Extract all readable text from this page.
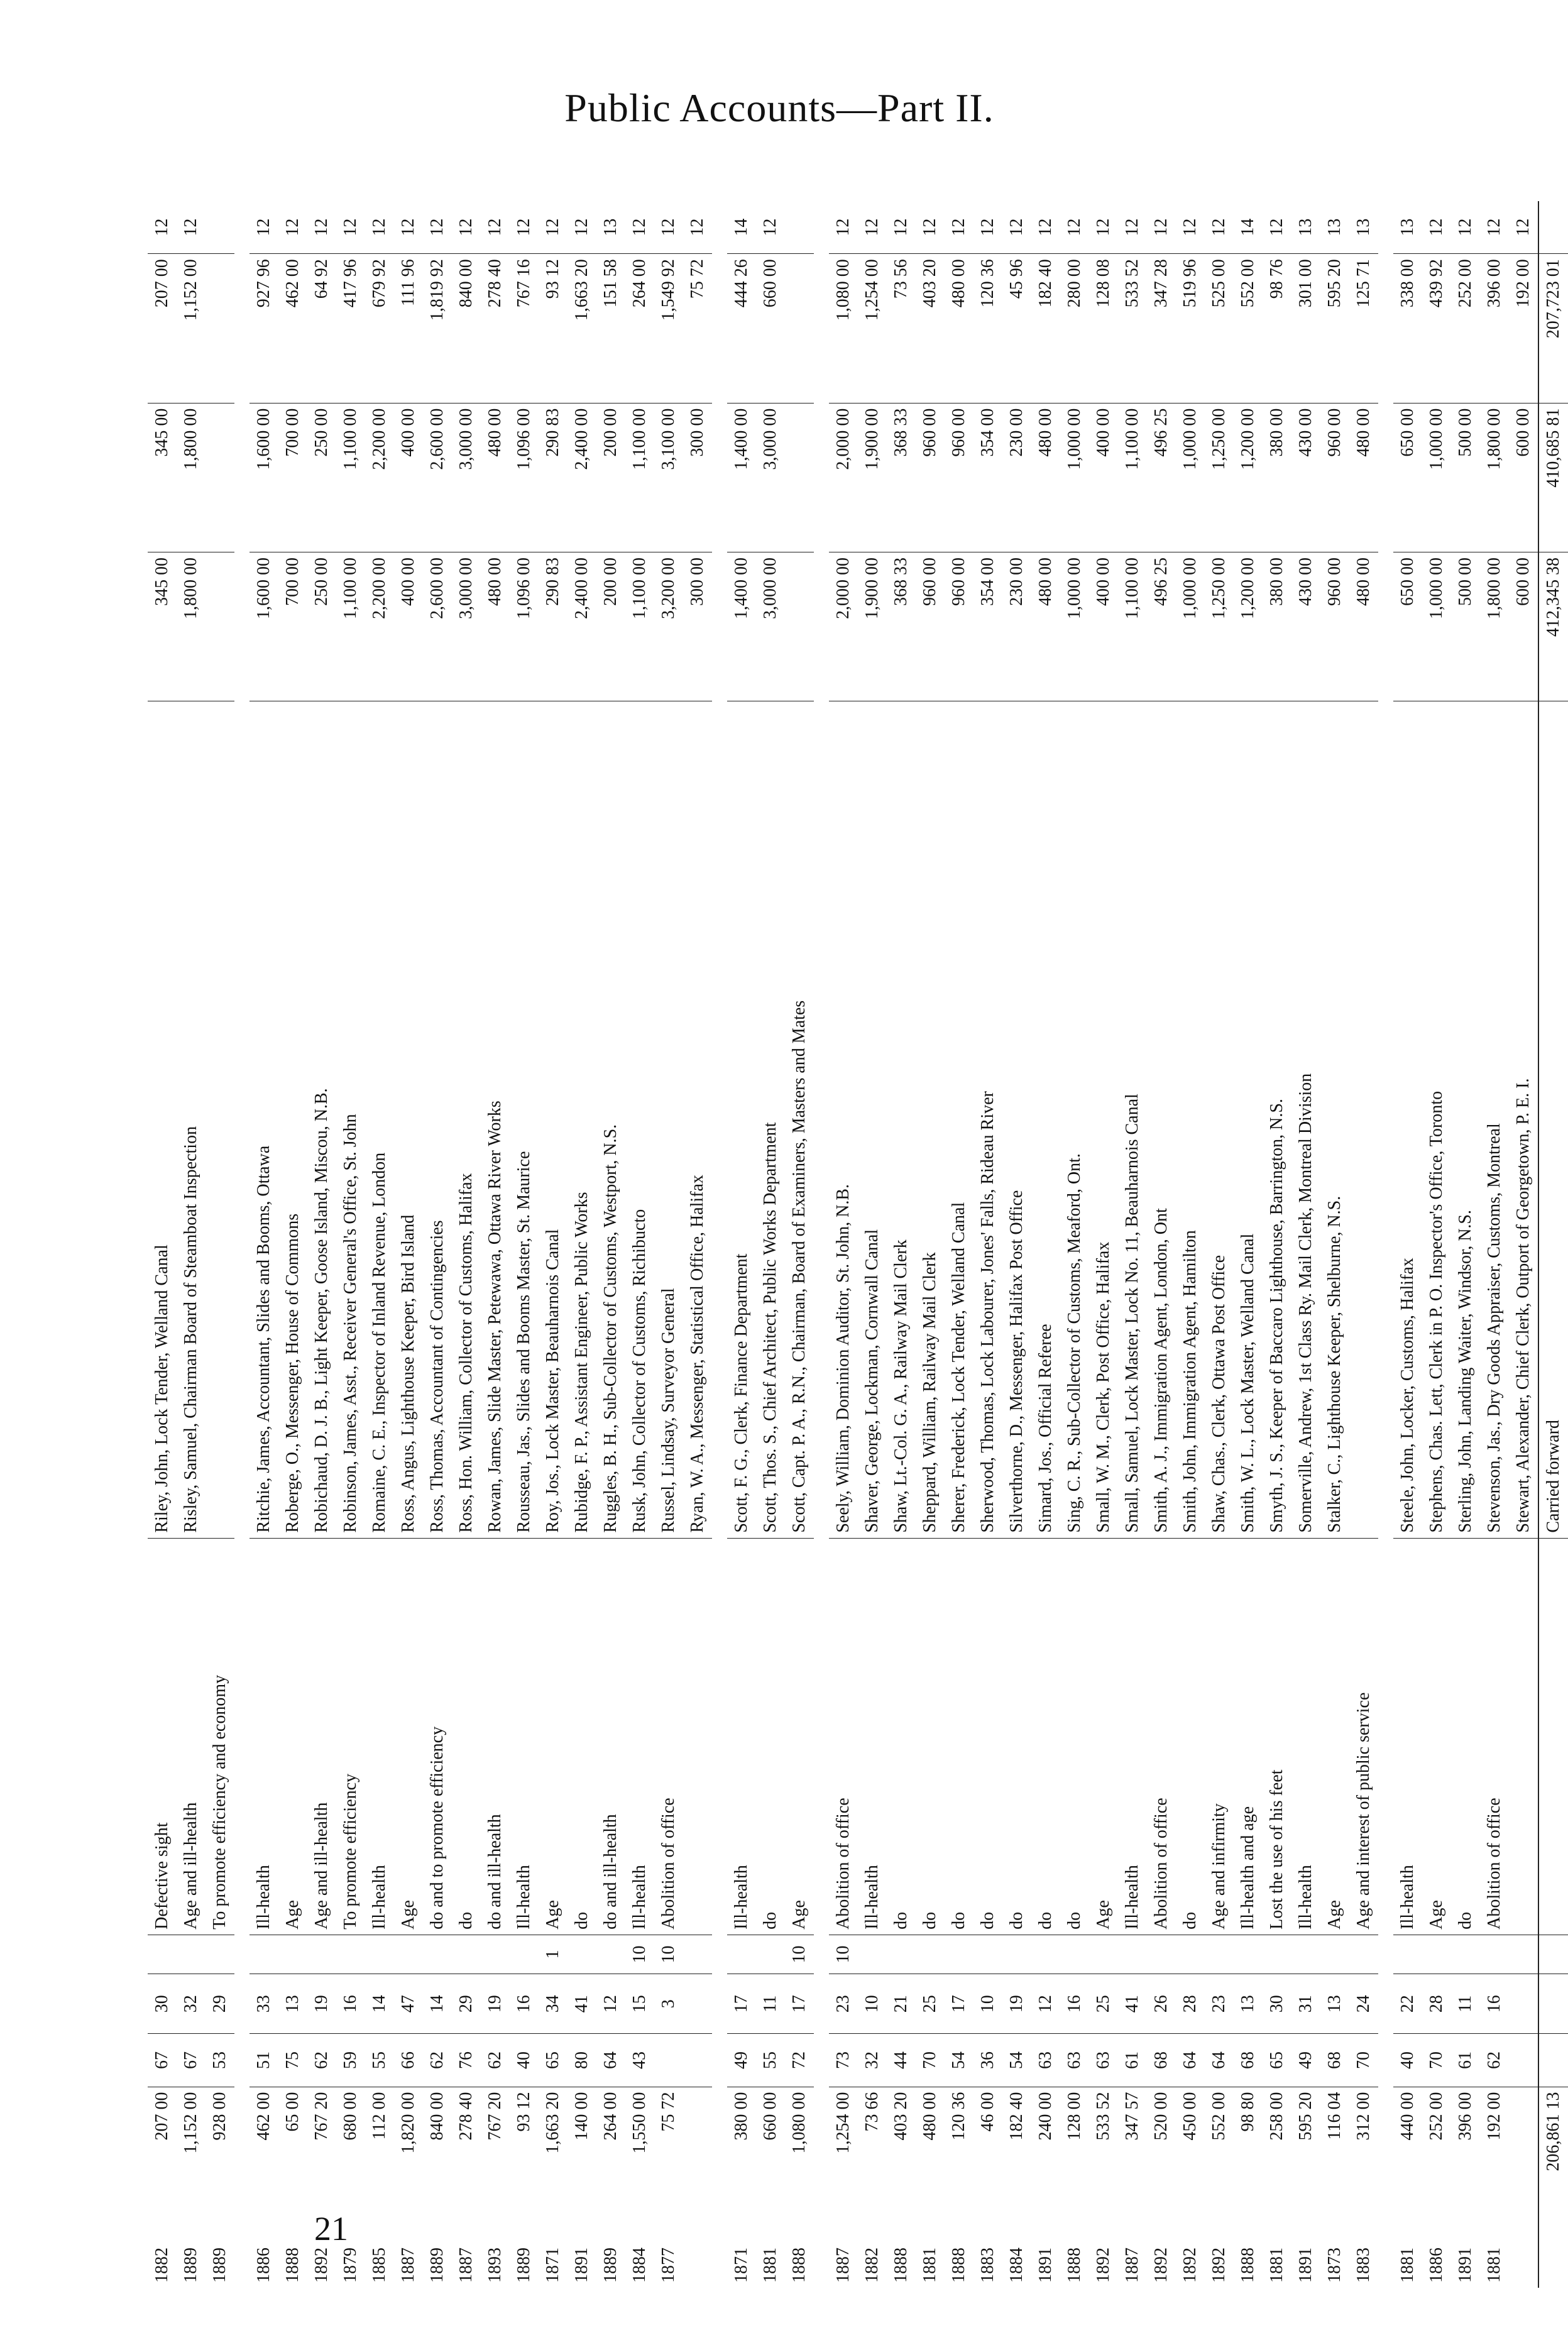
Public Accounts—Part II.
1882	207 00	67	30		Defective sight	Riley, John, Lock Tender, Welland Canal	345 00	345 00	207 00	12
1889	1,152 00	67	32		Age and ill-health	Risley, Samuel, Chairman Board of Steamboat Inspection	1,800 00	1,800 00	1,152 00	12
1889	928 00	53	29		To promote efficiency and economy					

1886	462 00	51	33		Ill-health	Ritchie, James, Accountant, Slides and Booms, Ottawa	1,600 00	1,600 00	927 96	12
1888	65 00	75	13		Age	Roberge, O., Messenger, House of Commons	700 00	700 00	462 00	12
1892	767 20	62	19		Age and ill-health	Robichaud, D. J. B., Light Keeper, Goose Island, Miscou, N.B.	250 00	250 00	64 92	12
1879	680 00	59	16		To promote efficiency	Robinson, James, Asst., Receiver General's Office, St. John	1,100 00	1,100 00	417 96	12
1885	112 00	55	14		Ill-health	Romaine, C. E., Inspector of Inland Revenue, London	2,200 00	2,200 00	679 92	12
1887	1,820 00	66	47		Age	Ross, Angus, Lighthouse Keeper, Bird Island	400 00	400 00	111 96	12
1889	840 00	62	14		do and to promote efficiency	Ross, Thomas, Accountant of Contingencies	2,600 00	2,600 00	1,819 92	12
1887	278 40	76	29		do	Ross, Hon. William, Collector of Customs, Halifax	3,000 00	3,000 00	840 00	12
1893	767 20	62	19		do and ill-health	Rowan, James, Slide Master, Petewawa, Ottawa River Works	480 00	480 00	278 40	12
1889	93 12	40	16		Ill-health	Rousseau, Jas., Slides and Booms Master, St. Maurice	1,096 00	1,096 00	767 16	12
1871	1,663 20	65	34	1	Age	Roy, Jos., Lock Master, Beauharnois Canal	290 83	290 83	93 12	12
1891	140 00	80	41		do	Rubidge, F. P., Assistant Engineer, Public Works	2,400 00	2,400 00	1,663 20	12
1889	264 00	64	12		do and ill-health	Ruggles, B. H., Sub-Collector of Customs, Westport, N.S.	200 00	200 00	151 58	13
1884	1,550 00	43	15	10	Ill-health	Rusk, John, Collector of Customs, Richibucto	1,100 00	1,100 00	264 00	12
1877	75 72		3	10	Abolition of office	Russel, Lindsay, Surveyor General	3,200 00	3,100 00	1,549 92	12
						Ryan, W. A., Messenger, Statistical Office, Halifax	300 00	300 00	75 72	12

1871	380 00	49	17		Ill-health	Scott, F. G., Clerk, Finance Department	1,400 00	1,400 00	444 26	14
1881	660 00	55	11		do	Scott, Thos. S., Chief Architect, Public Works Department	3,000 00	3,000 00	660 00	12
1888	1,080 00	72	17	10	Age	Scott, Capt. P. A., R.N., Chairman, Board of Examiners, Masters and Mates				

1887	1,254 00	73	23	10	Abolition of office	Seely, William, Dominion Auditor, St. John, N.B.	2,000 00	2,000 00	1,080 00	12
1882	73 66	32	10		Ill-health	Shaver, George, Lockman, Cornwall Canal	1,900 00	1,900 00	1,254 00	12
1888	403 20	44	21		do	Shaw, Lt.-Col. G. A., Railway Mail Clerk	368 33	368 33	73 56	12
1881	480 00	70	25		do	Sheppard, William, Railway Mail Clerk	960 00	960 00	403 20	12
1888	120 36	54	17		do	Sherer, Frederick, Lock Tender, Welland Canal	960 00	960 00	480 00	12
1883	46 00	36	10		do	Sherwood, Thomas, Lock Labourer, Jones' Falls, Rideau River	354 00	354 00	120 36	12
1884	182 40	54	19		do	Silverthorne, D., Messenger, Halifax Post Office	230 00	230 00	45 96	12
1891	240 00	63	12		do	Simard, Jos., Official Referee	480 00	480 00	182 40	12
1888	128 00	63	16		do	Sing, C. R., Sub-Collector of Customs, Meaford, Ont.	1,000 00	1,000 00	280 00	12
1892	533 52	63	25		Age	Small, W. M., Clerk, Post Office, Halifax	400 00	400 00	128 08	12
1887	347 57	61	41		Ill-health	Small, Samuel, Lock Master, Lock No. 11, Beauharnois Canal	1,100 00	1,100 00	533 52	12
1892	520 00	68	26		Abolition of office	Smith, A. J., Immigration Agent, London, Ont	496 25	496 25	347 28	12
1892	450 00	64	28		do	Smith, John, Immigration Agent, Hamilton	1,000 00	1,000 00	519 96	12
1892	552 00	64	23		Age and infirmity	Shaw, Chas., Clerk, Ottawa Post Office	1,250 00	1,250 00	525 00	12
1888	98 80	68	13		Ill-health and age	Smith, W. L., Lock Master, Welland Canal	1,200 00	1,200 00	552 00	14
1881	258 00	65	30		Lost the use of his feet	Smyth, J. S., Keeper of Baccaro Lighthouse, Barrington, N.S.	380 00	380 00	98 76	12
1891	595 20	49	31		Ill-health	Somerville, Andrew, 1st Class Ry. Mail Clerk, Montreal Division	430 00	430 00	301 00	13
1873	116 04	68	13		Age	Stalker, C., Lighthouse Keeper, Shelburne, N.S.	960 00	960 00	595 20	13
1883	312 00	70	24		Age and interest of public service		480 00	480 00	125 71	13

1881	440 00	40	22		Ill-health	Steele, John, Locker, Customs, Halifax	650 00	650 00	338 00	13
1886	252 00	70	28		Age	Stephens, Chas. Lett, Clerk in P. O. Inspector's Office, Toronto	1,000 00	1,000 00	439 92	12
1891	396 00	61	11		do	Sterling, John, Landing Waiter, Windsor, N.S.	500 00	500 00	252 00	12
1881	192 00	62	16		Abolition of office	Stevenson, Jas., Dry Goods Appraiser, Customs, Montreal	1,800 00	1,800 00	396 00	12
						Stewart, Alexander, Chief Clerk, Outport of Georgetown, P. E. I.	600 00	600 00	192 00	12
	206,861 13					Carried forward	412,345 38	410,685 81	207,723 01	
21
